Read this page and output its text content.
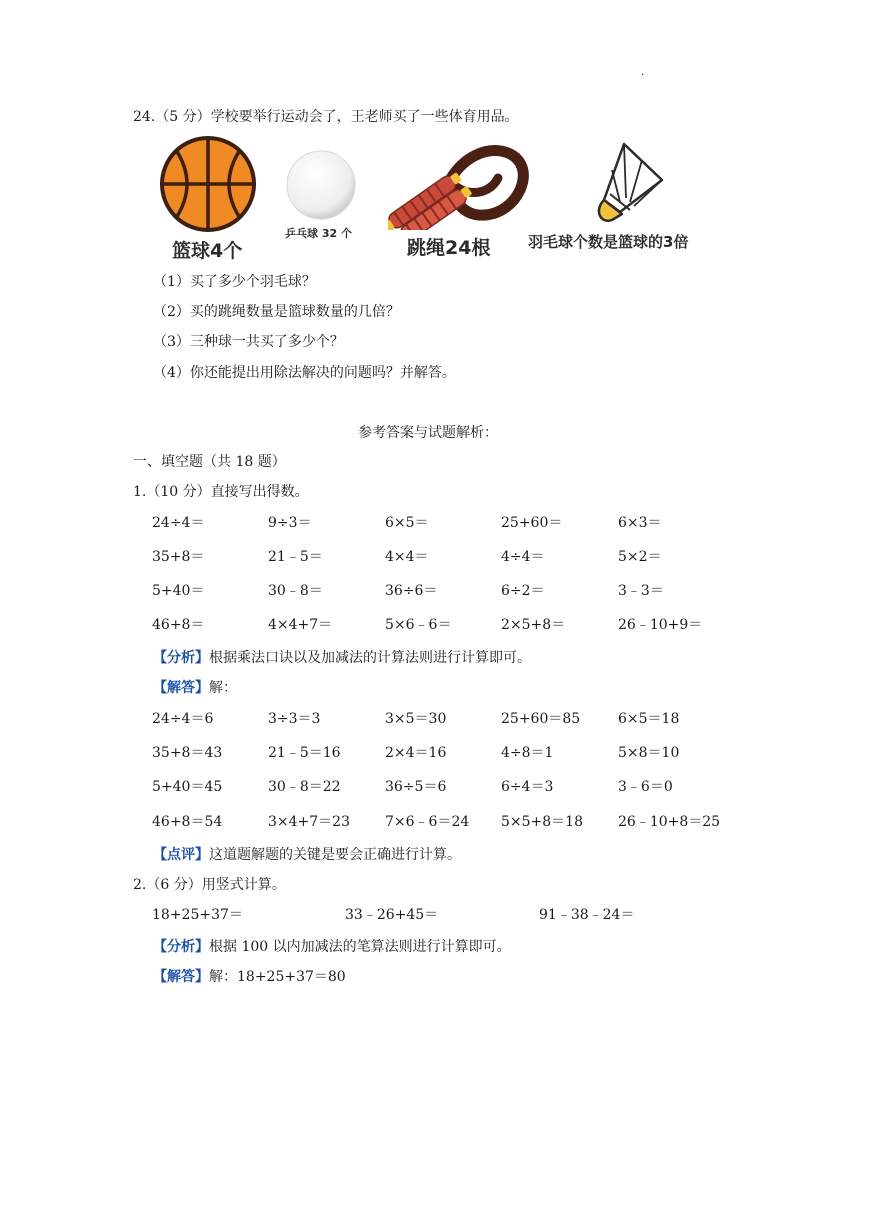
·
24.（5 分）学校要举行运动会了，王老师买了一些体育用品。
篮球4个
乒乓球 32 个
跳绳24根	羽毛球个数是篮球的3倍
（1）买了多少个羽毛球？
（2）买的跳绳数量是篮球数量的几倍？
（3）三种球一共买了多少个？
（4）你还能提出用除法解决的问题吗？并解答。
参考答案与试题解析：
一、填空题（共 18 题）
1.（10 分）直接写出得数。
24÷4＝	9÷3＝	6×5＝	25+60＝	6×3＝
35+8＝	21﹣5＝	4×4＝	4÷4＝	5×2＝
5+40＝	30﹣8＝	36÷6＝	6÷2＝	3﹣3＝
46+8＝	4×4+7＝	5×6﹣6＝	2×5+8＝	26﹣10+9＝
【分析】根据乘法口诀以及加减法的计算法则进行计算即可。
【解答】解：
24÷4＝6	3÷3＝3	3×5＝30	25+60＝85	6×5＝18
35+8＝43	21﹣5＝16	2×4＝16	4÷8＝1	5×8＝10
5+40＝45	30﹣8＝22	36÷5＝6	6÷4＝3	3﹣6＝0
46+8＝54	3×4+7＝23	7×6﹣6＝24 5×5+8＝18	26﹣10+8＝25
【点评】这道题解题的关键是要会正确进行计算。
2.（6 分）用竖式计算。
18+25+37＝	33﹣26+45＝	91﹣38﹣24＝
【分析】根据 100 以内加减法的笔算法则进行计算即可。
【解答】解：18+25+37＝80
